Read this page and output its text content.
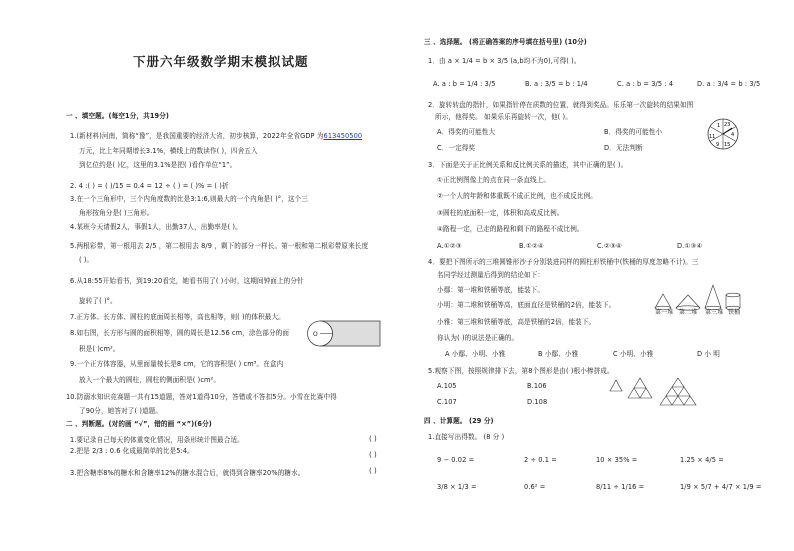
下册六年级数学期末模拟试题
一 、填空题。(每空1分，共19分)
1.(新材料)河南，简称“豫”，是我国重要的经济大省，初步核算，2022年全省GDP 为613450500
万元，比上年同期增长3.1%，横线上的数读作( )，四舍五入
到亿位约是( )亿，这里的3.1%是把( )看作单位“1”。
2. 4 :( ) = ( )/15 = 0.4 = 12 ÷ ( ) = ( )% = ( )折
3.在一个三角形中，三个内角度数的比是3:1:6,则最大的一个内角是( )°，这个三
角形按角分是( )三角形。
4.某班今天请假2人，事假1人，出勤37人，出勤率是( )。
5.两根彩带，第一根用去 2/5 ，第二根用去 8/9 ，剩下的部分一样长。第一根和第二根彩带原来长度
( )。
6.从18:55开始看书，到19:20看完，她看书用了( )小时，这期间钟面上的分针
旋转了( )°。
7.正方体、长方体、圆柱的底面周长相等，高也相等，则( )的体积最大。
8.如右图，长方形与圆的面积相等，圆的周长是12.56 cm，涂色部分的面
积是( )cm²。
O
9.一个正方体容器，从里面量棱长是8 cm，它的容积是( ) cm³。在盒内
放入一个最大的圆柱，圆柱的侧面积是( )cm²。
10.防溺水知识竞赛题一共有15道题，答对1道得10分，答错或不答扣5分。小雪在比赛中得
了90分，她答对了( )道题。
二 、判断题。(对的画 “√”，错的画 “×”)(6分)
1.要记录自己每天的体重变化情况，用条形统计图最合适。	( )
2.把是 2/3 : 0.6 化成最简单的比是5:4。	( )
3.把含糖率8%的糖水和含糖率12%的糖水混合后，就得到含糖率20%的糖水。	( )
三 、选择题。 (将正确答案的序号填在括号里) (10分)
1．由 a × 1/4 = b × 3/5 (a,b均不为0),可得( )。
A. a : b = 1/4 : 3/5	B. a : 3/5 = b : 1/4	C. a : b = 3/5 : 4	D. a : 3/4 = b : 3/5
2．旋转转盘的指针，如果指针停在质数的位置，就得到奖品。乐乐第一次旋转的结果如图
所示，他得奖。 如果乐乐再旋转一次，他( )。
A．得奖的可能性大	B．得奖的可能性小
C．一定得奖	D．无法判断
1 23
4
11
9 15
3．下面是关于正比例关系和反比例关系的描述，其中正确的是( )。
①正比例图像上的点在同一条直线上。
②一个人的年龄和体重既不成正比例，也不成反比例。
③圆柱的底面积一定，体积和高成反比例。
④路程一定，已走的路程和剩下的路程不成比例。
A.①②③	B.①②④	C.②③④	D.①③④
4．要把下图所示的三堆圆锥形沙子分别装进同样的圆柱形铁桶中(铁桶的厚度忽略不计)。三
名同学经过测量后得到的结论如下：
小鄢：第一堆和铁桶等底，能装下。
小明：第二堆和铁桶等高，底面直径是铁桶的2倍，能装下。
小雅：第三堆和铁桶等底，高是铁桶的2倍，能装下。
你认为( )的说法是正确的。
A 小鄢、小明、小雅	B 小鄢、小雅	C 小明、小雅	D 小 明
第一堆 第二堆 第三堆 铁桶
5.观察下图，按照规律排下去，第8个图形是由( )根小棒拼成。
A.105	B.106
C.107	D.108
四 、计算题。 (29 分)
1.直接写出得数。 (8 分 )
9 − 0.02 =	2 ÷ 0.1 =	10 × 35% =	1.25 × 4/5 =
3/8 × 1/3 =	0.6² =	8/11 ÷ 1/16 =	1/9 × 5/7 + 4/7 × 1/9 =
